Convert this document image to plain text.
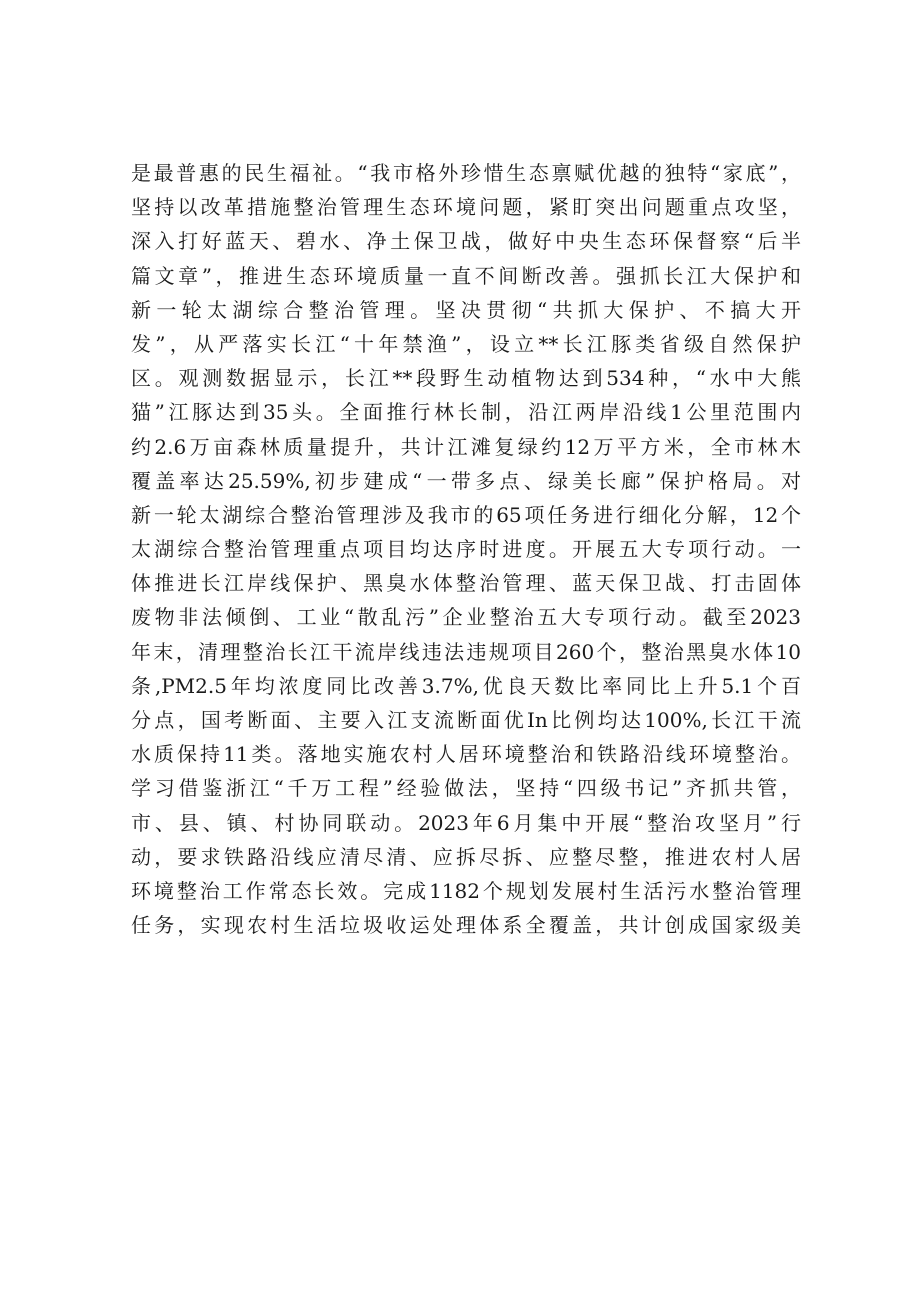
是最普惠的民生福祉。“我市格外珍惜生态禀赋优越的独特“家底”，
坚持以改革措施整治管理生态环境问题，紧盯突出问题重点攻坚，
深入打好蓝天、碧水、净土保卫战，做好中央生态环保督察“后半
篇文章”，推进生态环境质量一直不间断改善。强抓长江大保护和
新一轮太湖综合整治管理。坚决贯彻“共抓大保护、不搞大开
发”，从严落实长江“十年禁渔”，设立**长江豚类省级自然保护
区。观测数据显示，长江**段野生动植物达到534种，“水中大熊
猫”江豚达到35头。全面推行林长制，沿江两岸沿线1公里范围内
约2.6万亩森林质量提升，共计江滩复绿约12万平方米，全市林木
覆盖率达25.59%,初步建成“一带多点、绿美长廊”保护格局。对
新一轮太湖综合整治管理涉及我市的65项任务进行细化分解，12个
太湖综合整治管理重点项目均达序时进度。开展五大专项行动。一
体推进长江岸线保护、黑臭水体整治管理、蓝天保卫战、打击固体
废物非法倾倒、工业“散乱污”企业整治五大专项行动。截至2023
年末，清理整治长江干流岸线违法违规项目260个，整治黑臭水体10
条,PM2.5年均浓度同比改善3.7%,优良天数比率同比上升5.1个百
分点，国考断面、主要入江支流断面优In比例均达100%,长江干流
水质保持11类。落地实施农村人居环境整治和铁路沿线环境整治。
学习借鉴浙江“千万工程”经验做法，坚持“四级书记”齐抓共管，
市、县、镇、村协同联动。2023年6月集中开展“整治攻坚月”行
动，要求铁路沿线应清尽清、应拆尽拆、应整尽整，推进农村人居
环境整治工作常态长效。完成1182个规划发展村生活污水整治管理
任务，实现农村生活垃圾收运处理体系全覆盖，共计创成国家级美
